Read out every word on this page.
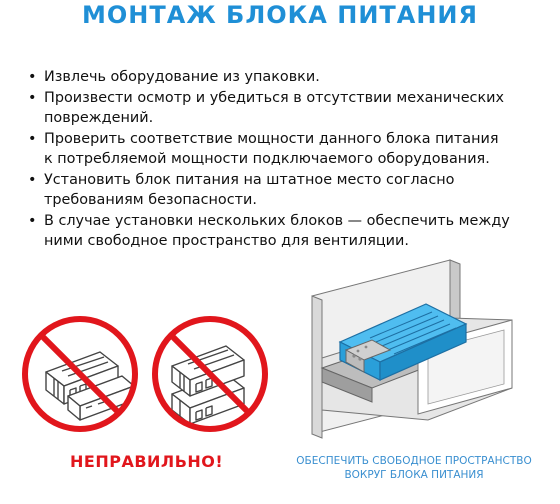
МОНТАЖ БЛОКА ПИТАНИЯ
• Извлечь оборудование из упаковки.
• Произвести осмотр и убедиться в отсутствии механических
повреждений.
• Проверить соответствие мощности данного блока питания
к потребляемой мощности подключаемого оборудования.
• Установить блок питания на штатное место согласно
требованиям безопасности.
• В случае установки нескольких блоков — обеспечить между
ними свободное пространство для вентиляции.
НЕПРАВИЛЬНО!	ОБЕСПЕЧИТЬ СВОБОДНОЕ ПРОСТРАНСТВО
ВОКРУГ БЛОКА ПИТАНИЯ
